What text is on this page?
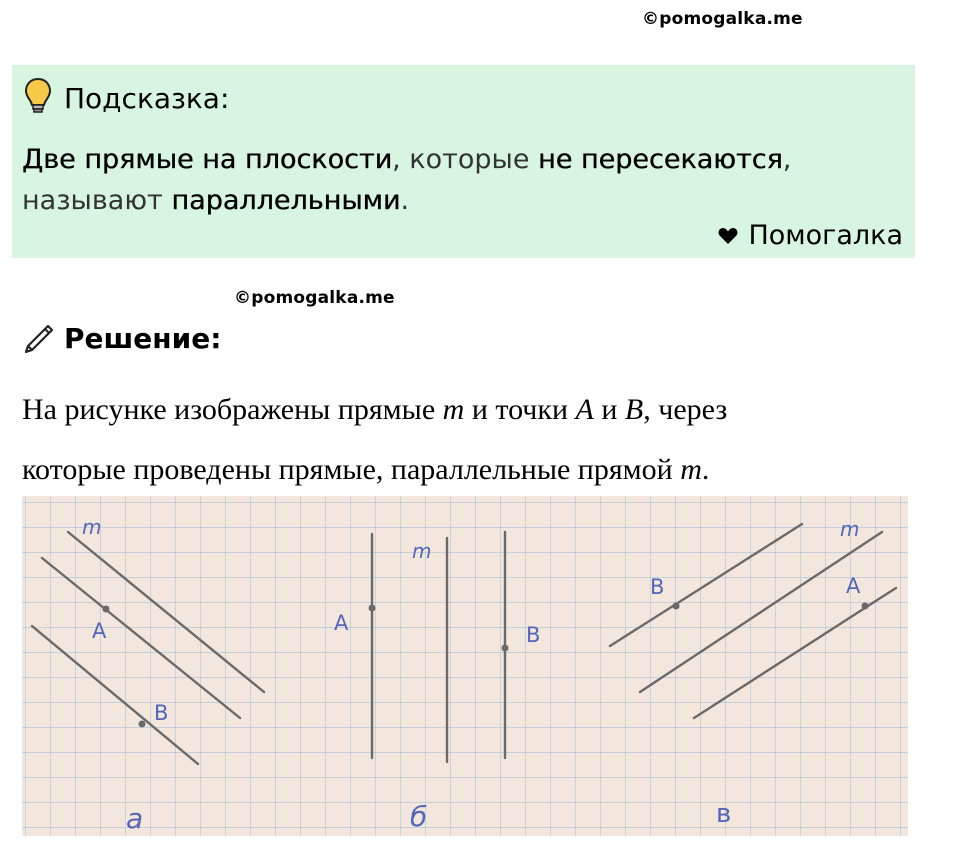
©pomogalka.me
Подсказка:
Две прямые на плоскости, которые не пересекаются,
называют параллельными.
Помогалка
©pomogalka.me
Решение:
На рисунке изображены прямые m и точки A и B, через
которые проведены прямые, параллельные прямой m.
m
A
B
а
m
A	B
б
m
B	A
в
